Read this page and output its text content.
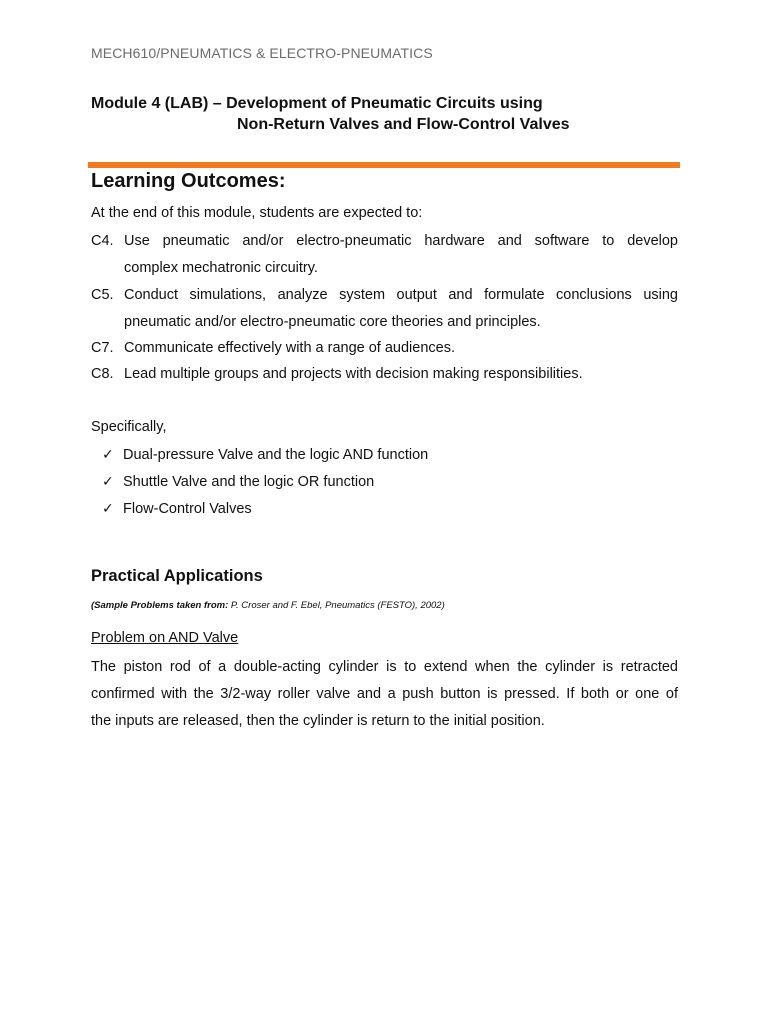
MECH610/PNEUMATICS & ELECTRO-PNEUMATICS
Module 4 (LAB) – Development of Pneumatic Circuits using
Non-Return Valves and Flow-Control Valves
Learning Outcomes:
At the end of this module, students are expected to:
C4. Use pneumatic and/or electro-pneumatic hardware and software to develop
complex mechatronic circuitry.
C5. Conduct simulations, analyze system output and formulate conclusions using
pneumatic and/or electro-pneumatic core theories and principles.
C7. Communicate effectively with a range of audiences.
C8. Lead multiple groups and projects with decision making responsibilities.
Specifically,
✓ Dual-pressure Valve and the logic AND function
✓ Shuttle Valve and the logic OR function
✓ Flow-Control Valves
Practical Applications
(Sample Problems taken from: P. Croser and F. Ebel, Pneumatics (FESTO), 2002)
Problem on AND Valve
The piston rod of a double-acting cylinder is to extend when the cylinder is retracted
confirmed with the 3/2-way roller valve and a push button is pressed. If both or one of
the inputs are released, then the cylinder is return to the initial position.
